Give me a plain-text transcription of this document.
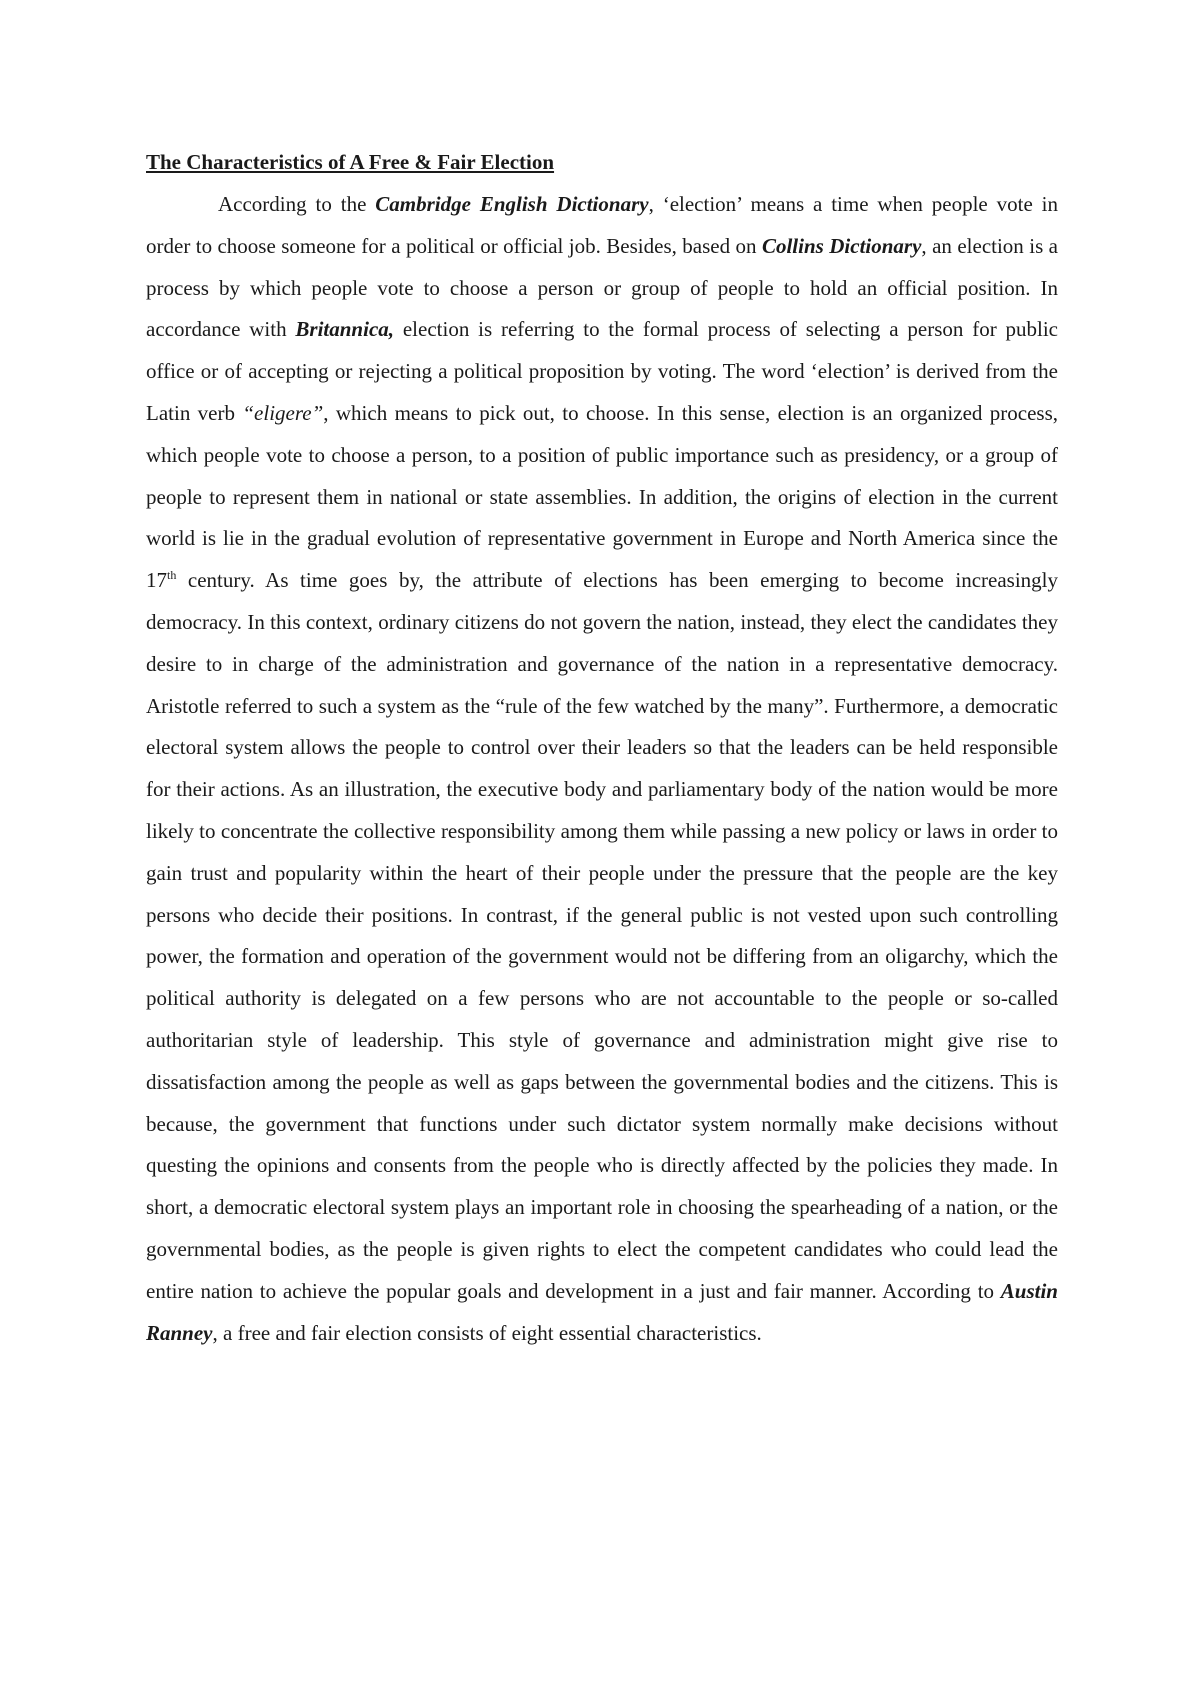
The Characteristics of A Free & Fair Election

According to the Cambridge English Dictionary, ‘election’ means a time when people vote in order to choose someone for a political or official job. Besides, based on Collins Dictionary, an election is a process by which people vote to choose a person or group of people to hold an official position. In accordance with Britannica, election is referring to the formal process of selecting a person for public office or of accepting or rejecting a political proposition by voting. The word ‘election’ is derived from the Latin verb “eligere”, which means to pick out, to choose. In this sense, election is an organized process, which people vote to choose a person, to a position of public importance such as presidency, or a group of people to represent them in national or state assemblies. In addition, the origins of election in the current world is lie in the gradual evolution of representative government in Europe and North America since the 17th century. As time goes by, the attribute of elections has been emerging to become increasingly democracy. In this context, ordinary citizens do not govern the nation, instead, they elect the candidates they desire to in charge of the administration and governance of the nation in a representative democracy. Aristotle referred to such a system as the “rule of the few watched by the many”. Furthermore, a democratic electoral system allows the people to control over their leaders so that the leaders can be held responsible for their actions. As an illustration, the executive body and parliamentary body of the nation would be more likely to concentrate the collective responsibility among them while passing a new policy or laws in order to gain trust and popularity within the heart of their people under the pressure that the people are the key persons who decide their positions. In contrast, if the general public is not vested upon such controlling power, the formation and operation of the government would not be differing from an oligarchy, which the political authority is delegated on a few persons who are not accountable to the people or so-called authoritarian style of leadership. This style of governance and administration might give rise to dissatisfaction among the people as well as gaps between the governmental bodies and the citizens. This is because, the government that functions under such dictator system normally make decisions without questing the opinions and consents from the people who is directly affected by the policies they made. In short, a democratic electoral system plays an important role in choosing the spearheading of a nation, or the governmental bodies, as the people is given rights to elect the competent candidates who could lead the entire nation to achieve the popular goals and development in a just and fair manner. According to Austin Ranney, a free and fair election consists of eight essential characteristics.
